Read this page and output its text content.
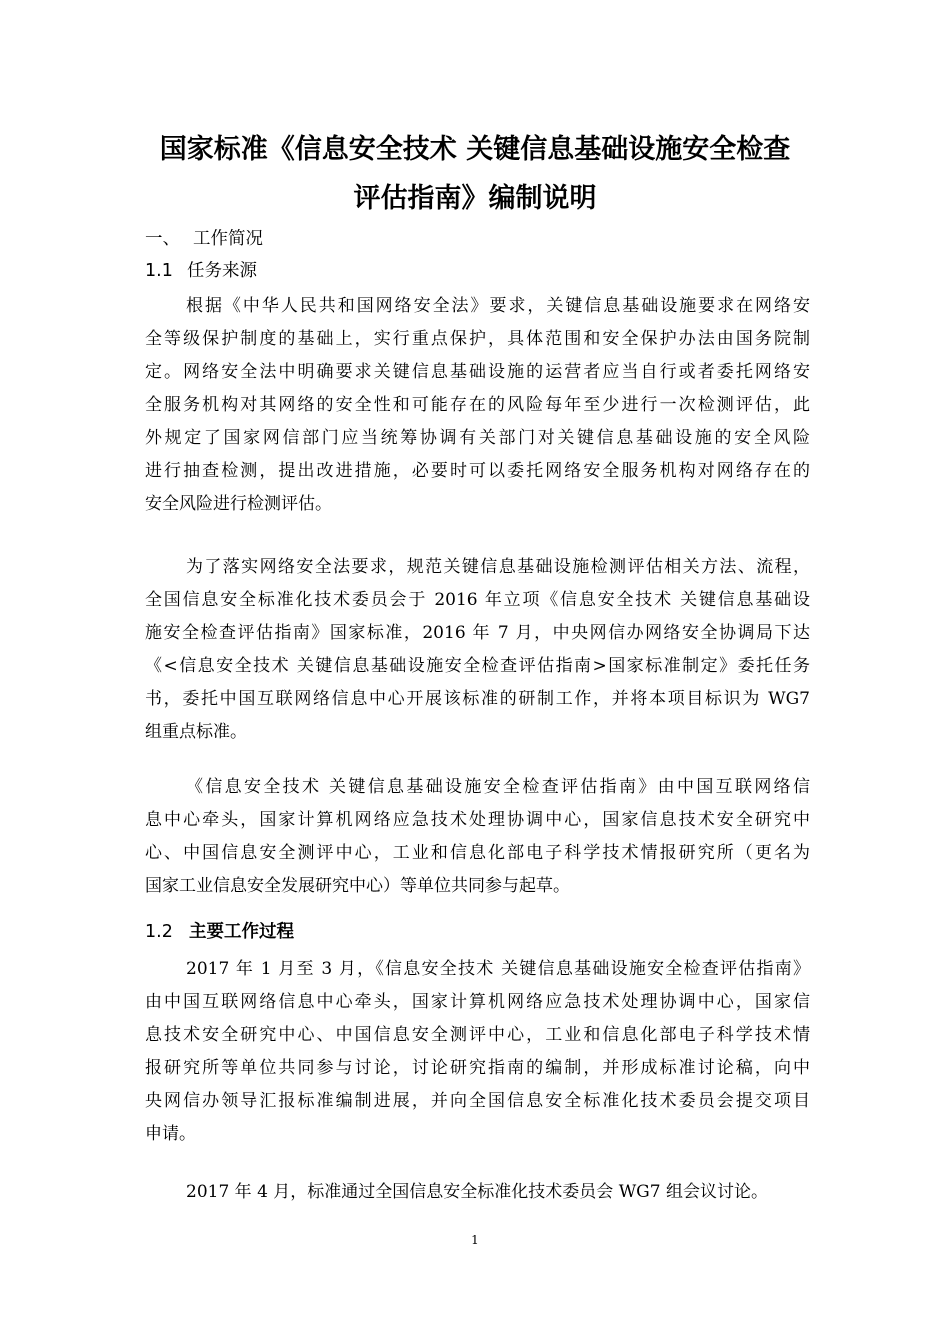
国家标准《信息安全技术 关键信息基础设施安全检查
评估指南》编制说明
一、 工作简况
1.1 任务来源
根据《中华人民共和国网络安全法》要求，关键信息基础设施要求在网络安
全等级保护制度的基础上，实行重点保护，具体范围和安全保护办法由国务院制
定。网络安全法中明确要求关键信息基础设施的运营者应当自行或者委托网络安
全服务机构对其网络的安全性和可能存在的风险每年至少进行一次检测评估，此
外规定了国家网信部门应当统筹协调有关部门对关键信息基础设施的安全风险
进行抽查检测，提出改进措施，必要时可以委托网络安全服务机构对网络存在的
安全风险进行检测评估。
为了落实网络安全法要求，规范关键信息基础设施检测评估相关方法、流程，
全国信息安全标准化技术委员会于 2016 年立项《信息安全技术 关键信息基础设
施安全检查评估指南》国家标准，2016 年 7 月，中央网信办网络安全协调局下达
《<信息安全技术 关键信息基础设施安全检查评估指南>国家标准制定》委托任务
书，委托中国互联网络信息中心开展该标准的研制工作，并将本项目标识为 WG7
组重点标准。
《信息安全技术 关键信息基础设施安全检查评估指南》由中国互联网络信
息中心牵头，国家计算机网络应急技术处理协调中心，国家信息技术安全研究中
心、中国信息安全测评中心，工业和信息化部电子科学技术情报研究所（更名为
国家工业信息安全发展研究中心）等单位共同参与起草。
1.2 主要工作过程
2017 年 1 月至 3 月，《信息安全技术 关键信息基础设施安全检查评估指南》
由中国互联网络信息中心牵头，国家计算机网络应急技术处理协调中心，国家信
息技术安全研究中心、中国信息安全测评中心，工业和信息化部电子科学技术情
报研究所等单位共同参与讨论，讨论研究指南的编制，并形成标准讨论稿，向中
央网信办领导汇报标准编制进展，并向全国信息安全标准化技术委员会提交项目
申请。
2017 年 4 月，标准通过全国信息安全标准化技术委员会 WG7 组会议讨论。
1
